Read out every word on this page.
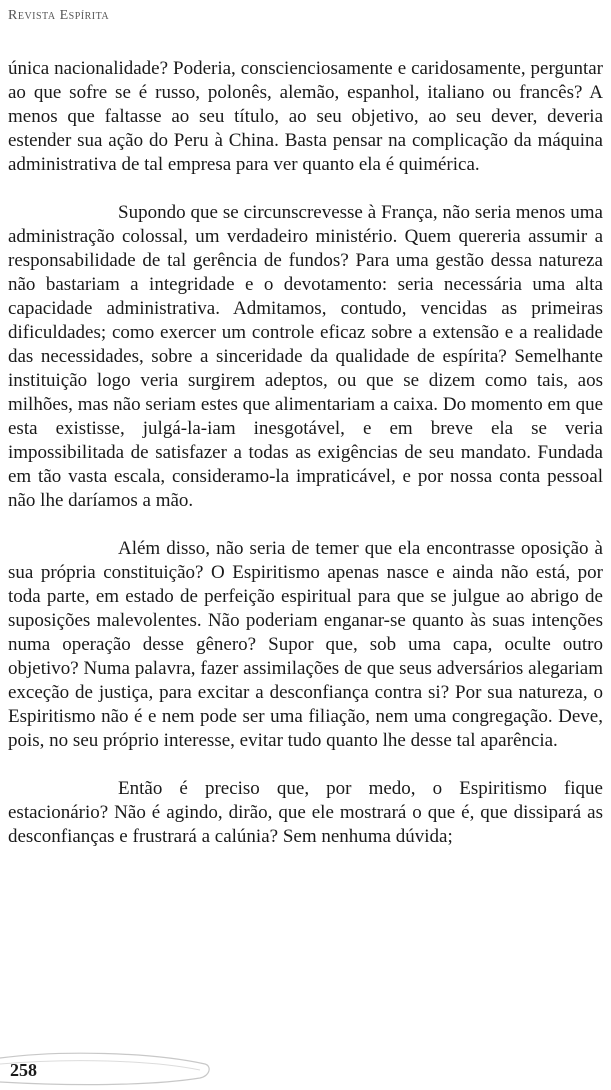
Revista Espírita

única nacionalidade? Poderia, conscienciosamente e caridosamente, perguntar ao que sofre se é russo, polonês, alemão, espanhol, italiano ou francês? A menos que faltasse ao seu título, ao seu objetivo, ao seu dever, deveria estender sua ação do Peru à China. Basta pensar na complicação da máquina administrativa de tal empresa para ver quanto ela é quimérica.

Supondo que se circunscrevesse à França, não seria menos uma administração colossal, um verdadeiro ministério. Quem quereria assumir a responsabilidade de tal gerência de fundos? Para uma gestão dessa natureza não bastariam a integridade e o devotamento: seria necessária uma alta capacidade administrativa. Admitamos, contudo, vencidas as primeiras dificuldades; como exercer um controle eficaz sobre a extensão e a realidade das necessidades, sobre a sinceridade da qualidade de espírita? Semelhante instituição logo veria surgirem adeptos, ou que se dizem como tais, aos milhões, mas não seriam estes que alimentariam a caixa. Do momento em que esta existisse, julgá-la-iam inesgotável, e em breve ela se veria impossibilitada de satisfazer a todas as exigências de seu mandato. Fundada em tão vasta escala, consideramo-la impraticável, e por nossa conta pessoal não lhe daríamos a mão.

Além disso, não seria de temer que ela encontrasse oposição à sua própria constituição? O Espiritismo apenas nasce e ainda não está, por toda parte, em estado de perfeição espiritual para que se julgue ao abrigo de suposições malevolentes. Não poderiam enganar-se quanto às suas intenções numa operação desse gênero? Supor que, sob uma capa, oculte outro objetivo? Numa palavra, fazer assimilações de que seus adversários alegariam exceção de justiça, para excitar a desconfiança contra si? Por sua natureza, o Espiritismo não é e nem pode ser uma filiação, nem uma congregação. Deve, pois, no seu próprio interesse, evitar tudo quanto lhe desse tal aparência.

Então é preciso que, por medo, o Espiritismo fique estacionário? Não é agindo, dirão, que ele mostrará o que é, que dissipará as desconfianças e frustrará a calúnia? Sem nenhuma dúvida;

258
